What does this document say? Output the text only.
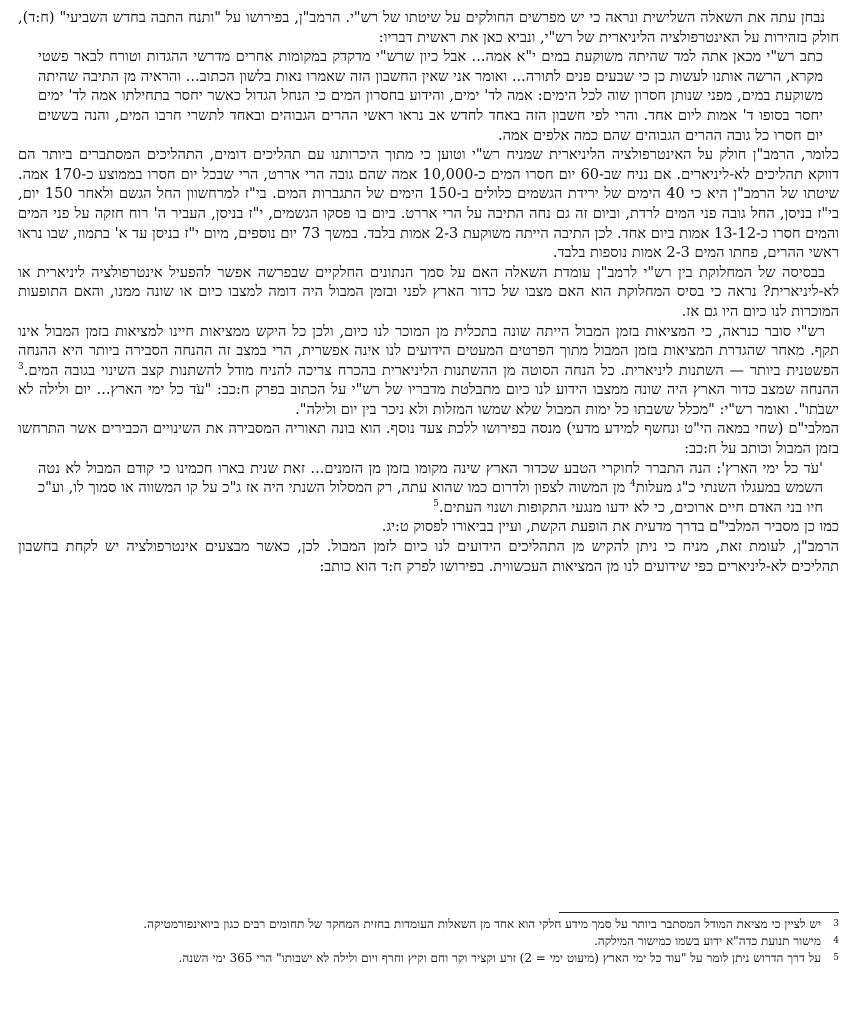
נבחן עתה את השאלה השלישית ונראה כי יש מפרשים החולקים על שיטתו של רש"י. הרמב"ן, בפירושו על "ותנח התבה בחדש השביעי" (ח:ד), חולק בזהירות על האינטרפולציה הליניארית של רש"י, ונביא כאן את ראשית דבריו:

כתב רש"י מכאן אתה למד שהיתה משוקעת במים י"א אמה... אבל כיון שרש"י מדקדק במקומות אחרים מדרשי ההגדות וטורח לבאר פשטי מקרא, הרשה אותנו לעשות כן כי שבעים פנים לתורה... ואומר אני שאין החשבון הזה שאמרו נאות בלשון הכתוב... והראיה מן התיבה שהיתה משוקעת במים, מפני שנותן חסרון שוה לכל הימים: אמה לד' ימים, והידוע בחסרון המים כי הנחל הגדול כאשר יחסר בתחילתו אמה לד' ימים יחסר בסופו ד' אמות ליום אחד. והרי לפי חשבון הזה באחד לחדש אב נראו ראשי ההרים הגבוהים ובאחד לתשרי חרבו המים, והנה בששים יום חסרו כל גובה ההרים הגבוהים שהם כמה אלפים אמה.

כלומר, הרמב"ן חולק על האינטרפולציה הליניארית שמניח רש"י וטוען כי מתוך היכרותנו עם תהליכים דומים, התהליכים המסתברים ביותר הם דווקא תהליכים לא-ליניארים. אם נניח שב-60 יום חסרו המים כ-10,000 אמה שהם גובה הרי אררט, הרי שבכל יום חסרו בממוצע כ-170 אמה. שיטתו של הרמב"ן היא כי 40 הימים של ירידת הגשמים כלולים ב-150 הימים של התגברות המים. בי"ז למרחשוון החל הגשם ולאחר 150 יום, בי"ז בניסן, החל גובה פני המים לרדת, וביום זה גם נחה התיבה על הרי אררט. ביום בו פסקו הגשמים, י"ז בניסן, העביר ה' רוח חזקה על פני המים והמים חסרו כ-13-12 אמות ביום אחד. לכן התיבה הייתה משוקעת 2-3 אמות בלבד. במשך 73 יום נוספים, מיום י"ז בניסן עד א' בתמוז, שבו נראו ראשי ההרים, פחתו המים 2-3 אמות נוספות בלבד.

בבסיסה של המחלוקת בין רש"י לרמב"ן עומדת השאלה האם על סמך הנתונים החלקיים שבפרשה אפשר להפעיל אינטרפולציה ליניארית או לא-ליניארית? נראה כי בסיס המחלוקת הוא האם מצבו של כדור הארץ לפני ובזמן המבול היה דומה למצבו כיום או שונה ממנו, והאם התופעות המוכרות לנו כיום היו גם אז.

רש"י סובר כנראה, כי המציאות בזמן המבול הייתה שונה בתכלית מן המוכר לנו כיום, ולכן כל היקש ממציאות חיינו למציאות בזמן המבול אינו תקף. מאחר שהגדרת המציאות בזמן המבול מתוך הפרטים המעטים הידועים לנו אינה אפשרית, הרי במצב זה ההנחה הסבירה ביותר היא ההנחה הפשטנית ביותר — השתנות ליניארית. כל הנחה הסוטה מן ההשתנות הליניארית בהכרח צריכה להניח מודל להשתנות קצב השינוי בגובה המים.$^3$ ההנחה שמצב כדור הארץ היה שונה ממצבו הידוע לנו כיום מתבלטת מדבריו של רש"י על הכתוב בפרק ח:כב: "עֹד כל ימי הארץ... יום ולילה לא ישבֹתו". ואומר רש"י: "מכלל ששבתו כל ימות המבול שלא שמשו המזלות ולא ניכר בין יום ולילה".

המלבי"ם (שחי במאה הי"ט ונחשף למידע מדעי) מנסה בפירושו ללכת צעד נוסף. הוא בונה תאוריה המסבירה את השינויים הכבירים אשר התרחשו בזמן המבול וכותב על ח:כב:

'עֹד כל ימי הארץ': הנה התברר לחוקרי הטבע שכדור הארץ שינה מקומו בזמן מן הזמנים... זאת שנית בארו חכמינו כי קודם המבול לא נטה השמש במעגלו השנתי כ"ג מעלות$^4$ מן המשוה לצפון ולדרום כמו שהוא עתה, רק המסלול השנתי היה אז ג"כ על קו המשווה או סמוך לו, וע"כ חיו בני האדם חיים ארוכים, כי לא ידעו מנגעי התקופות ושנוי העתים.$^5$

כמו כן מסביר המלבי"ם בדרך מדעית את הופעת הקשת, ועיין בביאורו לפסוק ט:יג.

הרמב"ן, לעומת זאת, מניח כי ניתן להקיש מן התהליכים הידועים לנו כיום לזמן המבול. לכן, כאשר מבצעים אינטרפולציה יש לקחת בחשבון תהליכים לא-ליניארים כפי שידועים לנו מן המציאות העכשווית. בפירושו לפרק ח:ד הוא כותב:

3
יש לציין כי מציאת המודל המסתבר ביותר על סמך מידע חלקי הוא אחד מן השאלות העומדות בחזית המחקר של תחומים רבים כגון ביואינפורמטיקה.
4
מישור תנועת כדה"א ידוע בשמו כמישור המילקה.
5
על דרך הדרוש ניתן לומר על "עוד כל ימי הארץ (מיעוט ימי = 2) זרע וקציר וקר וחם וקיץ וחרף ויום ולילה לא ישבותו" הרי 365 ימי השנה.
